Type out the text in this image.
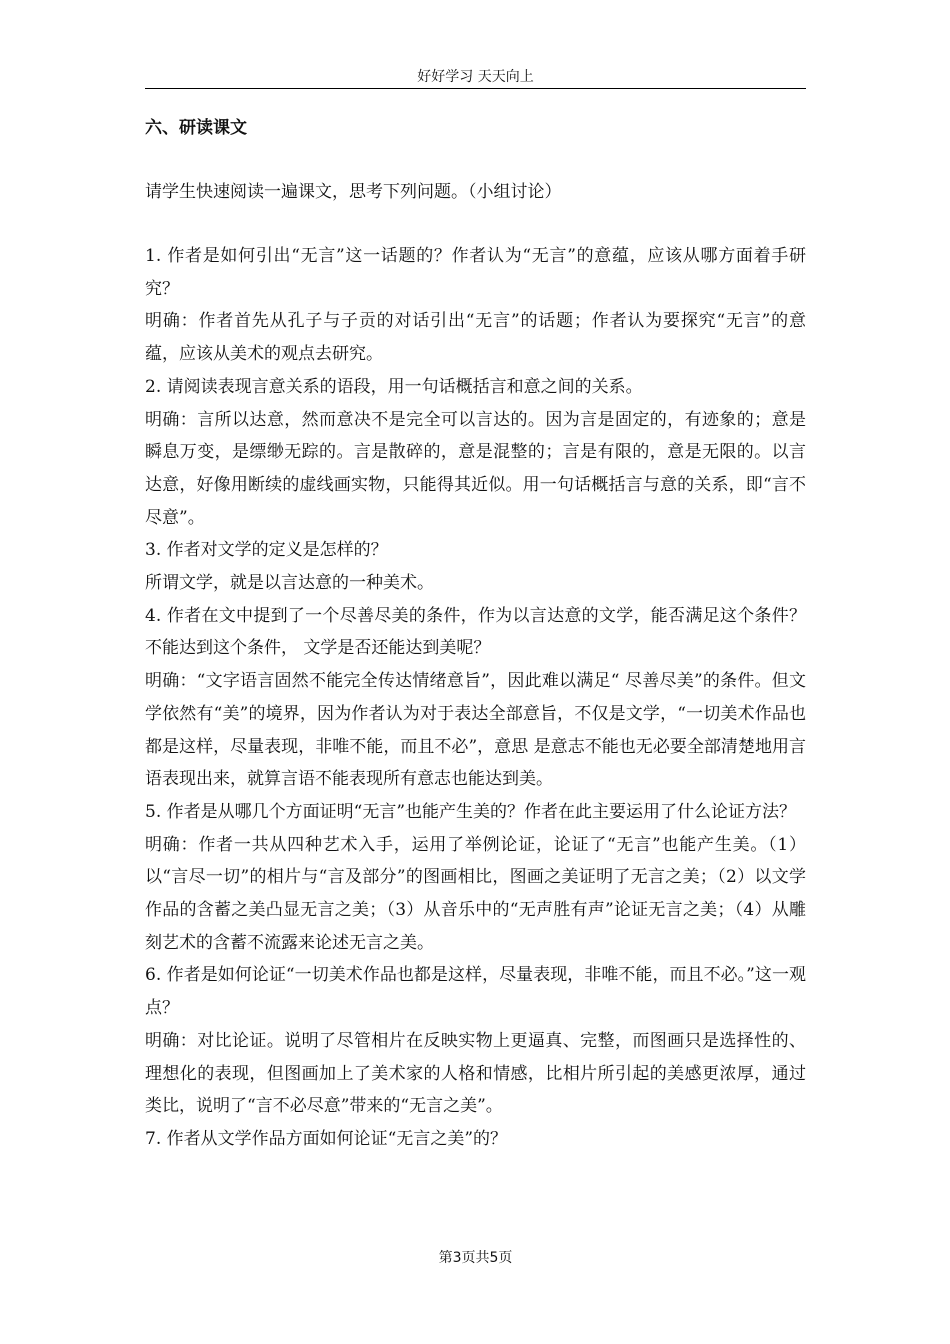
好好学习 天天向上
六、研读课文
请学生快速阅读一遍课文，思考下列问题。（小组讨论）
1. 作者是如何引出“无言”这一话题的？作者认为“无言”的意蕴，应该从哪方面着手研究？
明确：作者首先从孔子与子贡的对话引出“无言”的话题；作者认为要探究“无言”的意蕴，应该从美术的观点去研究。
2. 请阅读表现言意关系的语段，用一句话概括言和意之间的关系。
明确：言所以达意，然而意决不是完全可以言达的。因为言是固定的，有迹象的；意是瞬息万变，是缥缈无踪的。言是散碎的，意是混整的；言是有限的，意是无限的。以言达意，好像用断续的虚线画实物，只能得其近似。用一句话概括言与意的关系，即“言不尽意”。
3. 作者对文学的定义是怎样的？
所谓文学，就是以言达意的一种美术。
4. 作者在文中提到了一个尽善尽美的条件，作为以言达意的文学，能否满足这个条件？不能达到这个条件， 文学是否还能达到美呢？
明确：“文字语言固然不能完全传达情绪意旨”，因此难以满足“ 尽善尽美”的条件。但文学依然有“美”的境界，因为作者认为对于表达全部意旨，不仅是文学，“一切美术作品也都是这样，尽量表现，非唯不能，而且不必”，意思 是意志不能也无必要全部清楚地用言语表现出来，就算言语不能表现所有意志也能达到美。
5. 作者是从哪几个方面证明“无言”也能产生美的？作者在此主要运用了什么论证方法？
明确：作者一共从四种艺术入手，运用了举例论证，论证了“无言”也能产生美。（1）以“言尽一切”的相片与“言及部分”的图画相比，图画之美证明了无言之美；（2）以文学作品的含蓄之美凸显无言之美；（3）从音乐中的“无声胜有声”论证无言之美；（4）从雕刻艺术的含蓄不流露来论述无言之美。
6. 作者是如何论证“一切美术作品也都是这样，尽量表现，非唯不能，而且不必。”这一观点？
明确：对比论证。说明了尽管相片在反映实物上更逼真、完整，而图画只是选择性的、理想化的表现，但图画加上了美术家的人格和情感，比相片所引起的美感更浓厚，通过类比，说明了“言不必尽意”带来的“无言之美”。
7. 作者从文学作品方面如何论证“无言之美”的？
第3页共5页
